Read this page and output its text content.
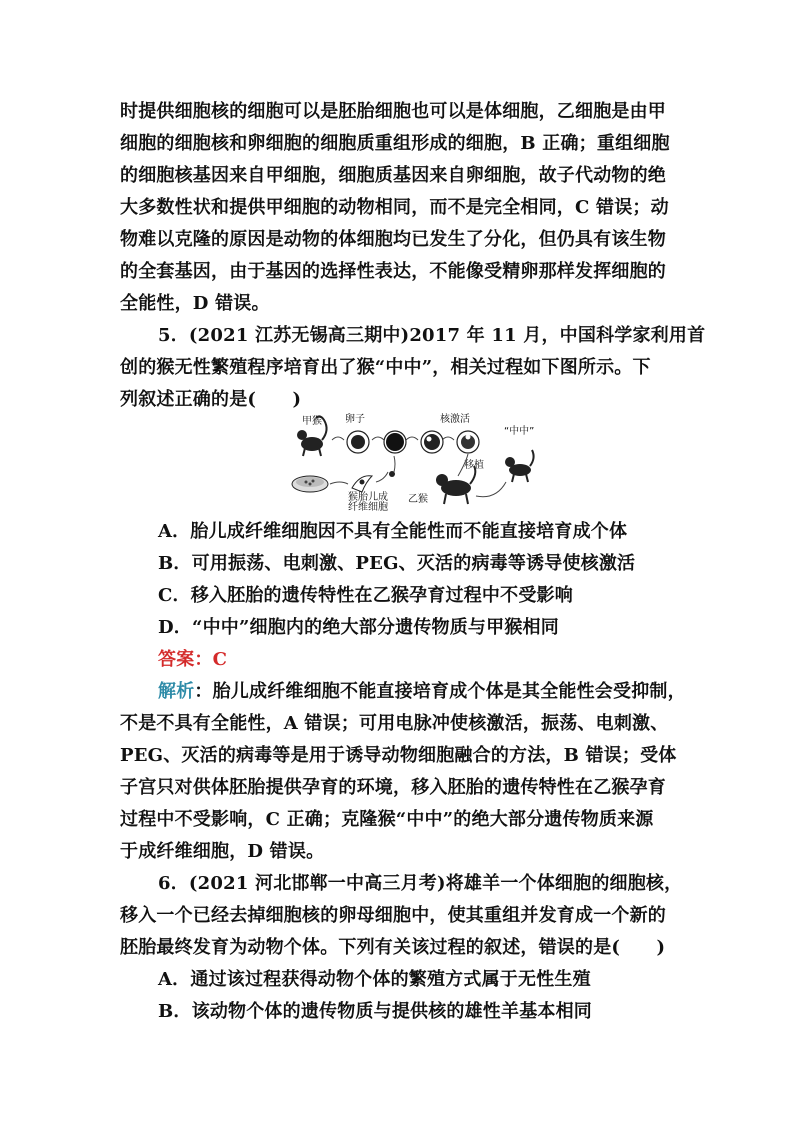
时提供细胞核的细胞可以是胚胎细胞也可以是体细胞，乙细胞是由甲
细胞的细胞核和卵细胞的细胞质重组形成的细胞，B 正确；重组细胞
的细胞核基因来自甲细胞，细胞质基因来自卵细胞，故子代动物的绝
大多数性状和提供甲细胞的动物相同，而不是完全相同，C 错误；动
物难以克隆的原因是动物的体细胞均已发生了分化，但仍具有该生物
的全套基因，由于基因的选择性表达，不能像受精卵那样发挥细胞的
全能性，D 错误。
5．(2021 江苏无锡高三期中)2017 年 11 月，中国科学家利用首
创的猴无性繁殖程序培育出了猴“中中”，相关过程如下图所示。下
列叙述正确的是(　　)
甲猴 卵子	核激活
“中中”
猴胎儿成
纤维细胞
乙猴
移植
A．胎儿成纤维细胞因不具有全能性而不能直接培育成个体
B．可用振荡、电刺激、PEG、灭活的病毒等诱导使核激活
C．移入胚胎的遗传特性在乙猴孕育过程中不受影响
D．“中中”细胞内的绝大部分遗传物质与甲猴相同
答案：C
解析：胎儿成纤维细胞不能直接培育成个体是其全能性会受抑制，
不是不具有全能性，A 错误；可用电脉冲使核激活，振荡、电刺激、
PEG、灭活的病毒等是用于诱导动物细胞融合的方法，B 错误；受体
子宫只对供体胚胎提供孕育的环境，移入胚胎的遗传特性在乙猴孕育
过程中不受影响，C 正确；克隆猴“中中”的绝大部分遗传物质来源
于成纤维细胞，D 错误。
6．(2021 河北邯郸一中高三月考)将雄羊一个体细胞的细胞核，
移入一个已经去掉细胞核的卵母细胞中，使其重组并发育成一个新的
胚胎最终发育为动物个体。下列有关该过程的叙述，错误的是(　　)
A．通过该过程获得动物个体的繁殖方式属于无性生殖
B．该动物个体的遗传物质与提供核的雄性羊基本相同
